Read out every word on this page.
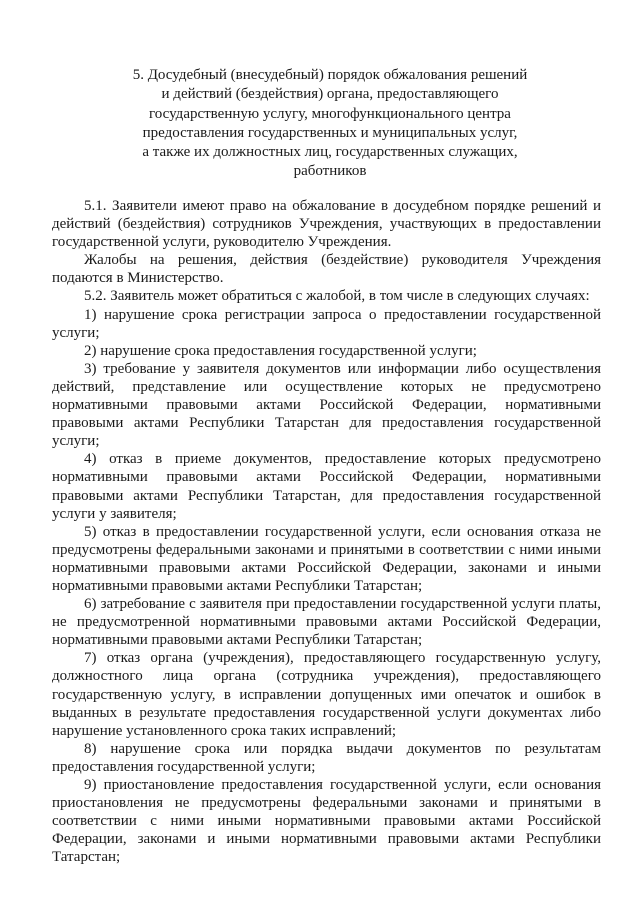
5. Досудебный (внесудебный) порядок обжалования решений
и действий (бездействия) органа, предоставляющего
государственную услугу, многофункционального центра
предоставления государственных и муниципальных услуг,
а также их должностных лиц, государственных служащих,
работников

5.1. Заявители имеют право на обжалование в досудебном порядке решений и действий (бездействия) сотрудников Учреждения, участвующих в предоставлении государственной услуги, руководителю Учреждения.

Жалобы на решения, действия (бездействие) руководителя Учреждения подаются в Министерство.

5.2. Заявитель может обратиться с жалобой, в том числе в следующих случаях:

1) нарушение срока регистрации запроса о предоставлении государственной услуги;

2) нарушение срока предоставления государственной услуги;

3) требование у заявителя документов или информации либо осуществления действий, представление или осуществление которых не предусмотрено нормативными правовыми актами Российской Федерации, нормативными правовыми актами Республики Татарстан для предоставления государственной услуги;

4) отказ в приеме документов, предоставление которых предусмотрено нормативными правовыми актами Российской Федерации, нормативными правовыми актами Республики Татарстан, для предоставления государственной услуги у заявителя;

5) отказ в предоставлении государственной услуги, если основания отказа не предусмотрены федеральными законами и принятыми в соответствии с ними иными нормативными правовыми актами Российской Федерации, законами и иными нормативными правовыми актами Республики Татарстан;

6) затребование с заявителя при предоставлении государственной услуги платы, не предусмотренной нормативными правовыми актами Российской Федерации, нормативными правовыми актами Республики Татарстан;

7) отказ органа (учреждения), предоставляющего государственную услугу, должностного лица органа (сотрудника учреждения), предоставляющего государственную услугу, в исправлении допущенных ими опечаток и ошибок в выданных в результате предоставления государственной услуги документах либо нарушение установленного срока таких исправлений;

8) нарушение срока или порядка выдачи документов по результатам предоставления государственной услуги;

9) приостановление предоставления государственной услуги, если основания приостановления не предусмотрены федеральными законами и принятыми в соответствии с ними иными нормативными правовыми актами Российской Федерации, законами и иными нормативными правовыми актами Республики Татарстан;
